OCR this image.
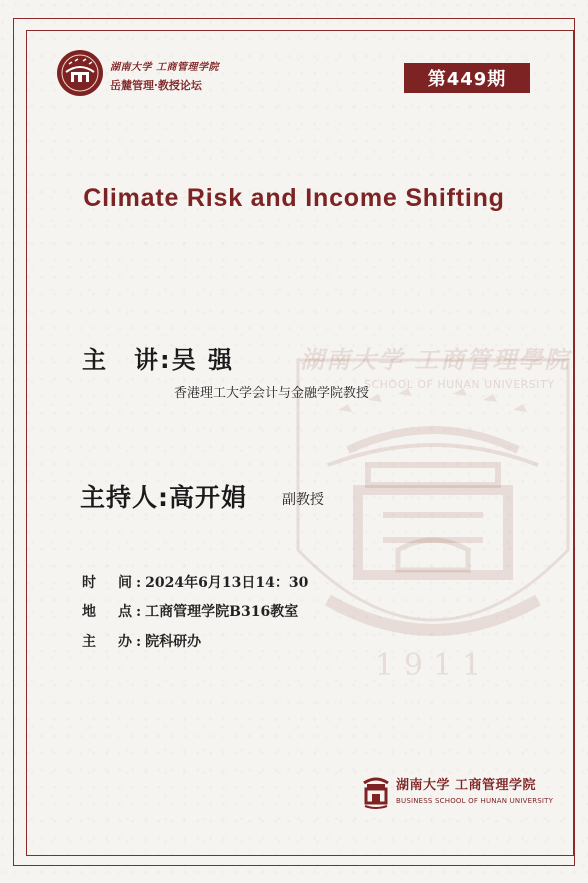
湖南大学 工商管理学院
岳麓管理·教授论坛	第449期
Climate Risk and Income Shifting
1911
湖南大学 工商管理學院
SCHOOL OF HUNAN UNIVERSITY
主　讲:吴 强
香港理工大学会计与金融学院教授
主持人:高开娟	副教授
时　间:2024年6月13日14：30
地　点:工商管理学院B316教室
主　办:院科研办
湖南大学 工商管理学院
BUSINESS SCHOOL OF HUNAN UNIVERSITY
